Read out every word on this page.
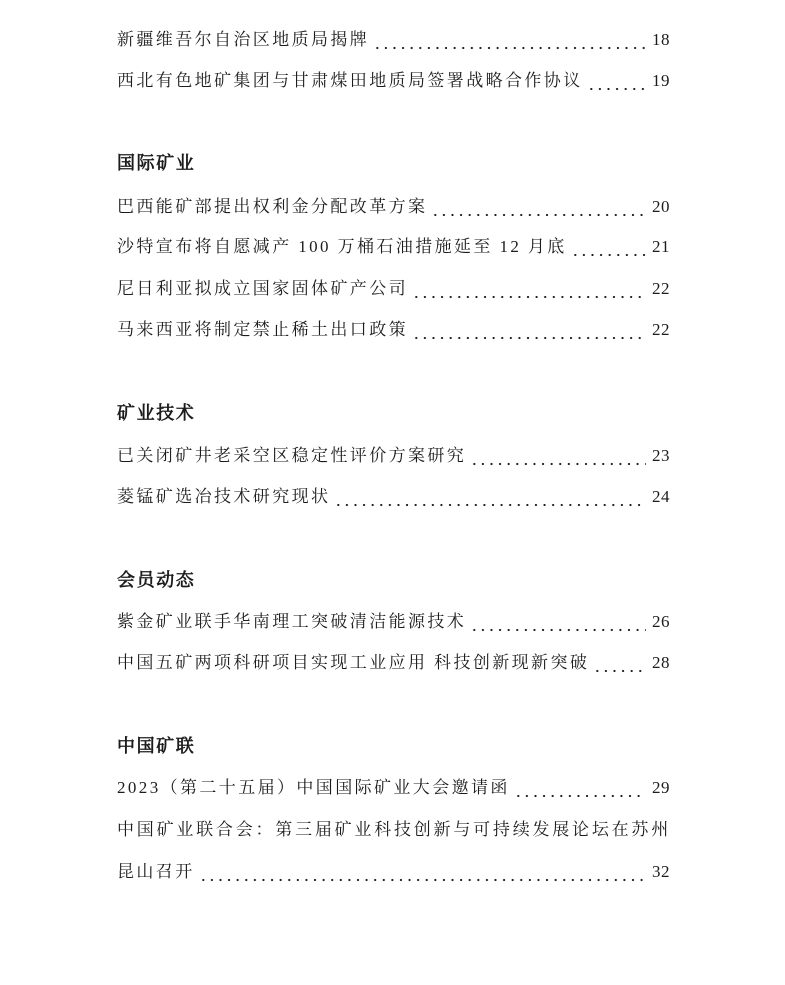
新疆维吾尔自治区地质局揭牌	18
西北有色地矿集团与甘肃煤田地质局签署战略合作协议	19
国际矿业
巴西能矿部提出权利金分配改革方案	20
沙特宣布将自愿减产 100 万桶石油措施延至 12 月底	21
尼日利亚拟成立国家固体矿产公司	22
马来西亚将制定禁止稀土出口政策	22
矿业技术
已关闭矿井老采空区稳定性评价方案研究	23
菱锰矿选冶技术研究现状	24
会员动态
紫金矿业联手华南理工突破清洁能源技术	26
中国五矿两项科研项目实现工业应用 科技创新现新突破	28
中国矿联
2023（第二十五届）中国国际矿业大会邀请函	29
中国矿业联合会：第三届矿业科技创新与可持续发展论坛在苏州
昆山召开	32
